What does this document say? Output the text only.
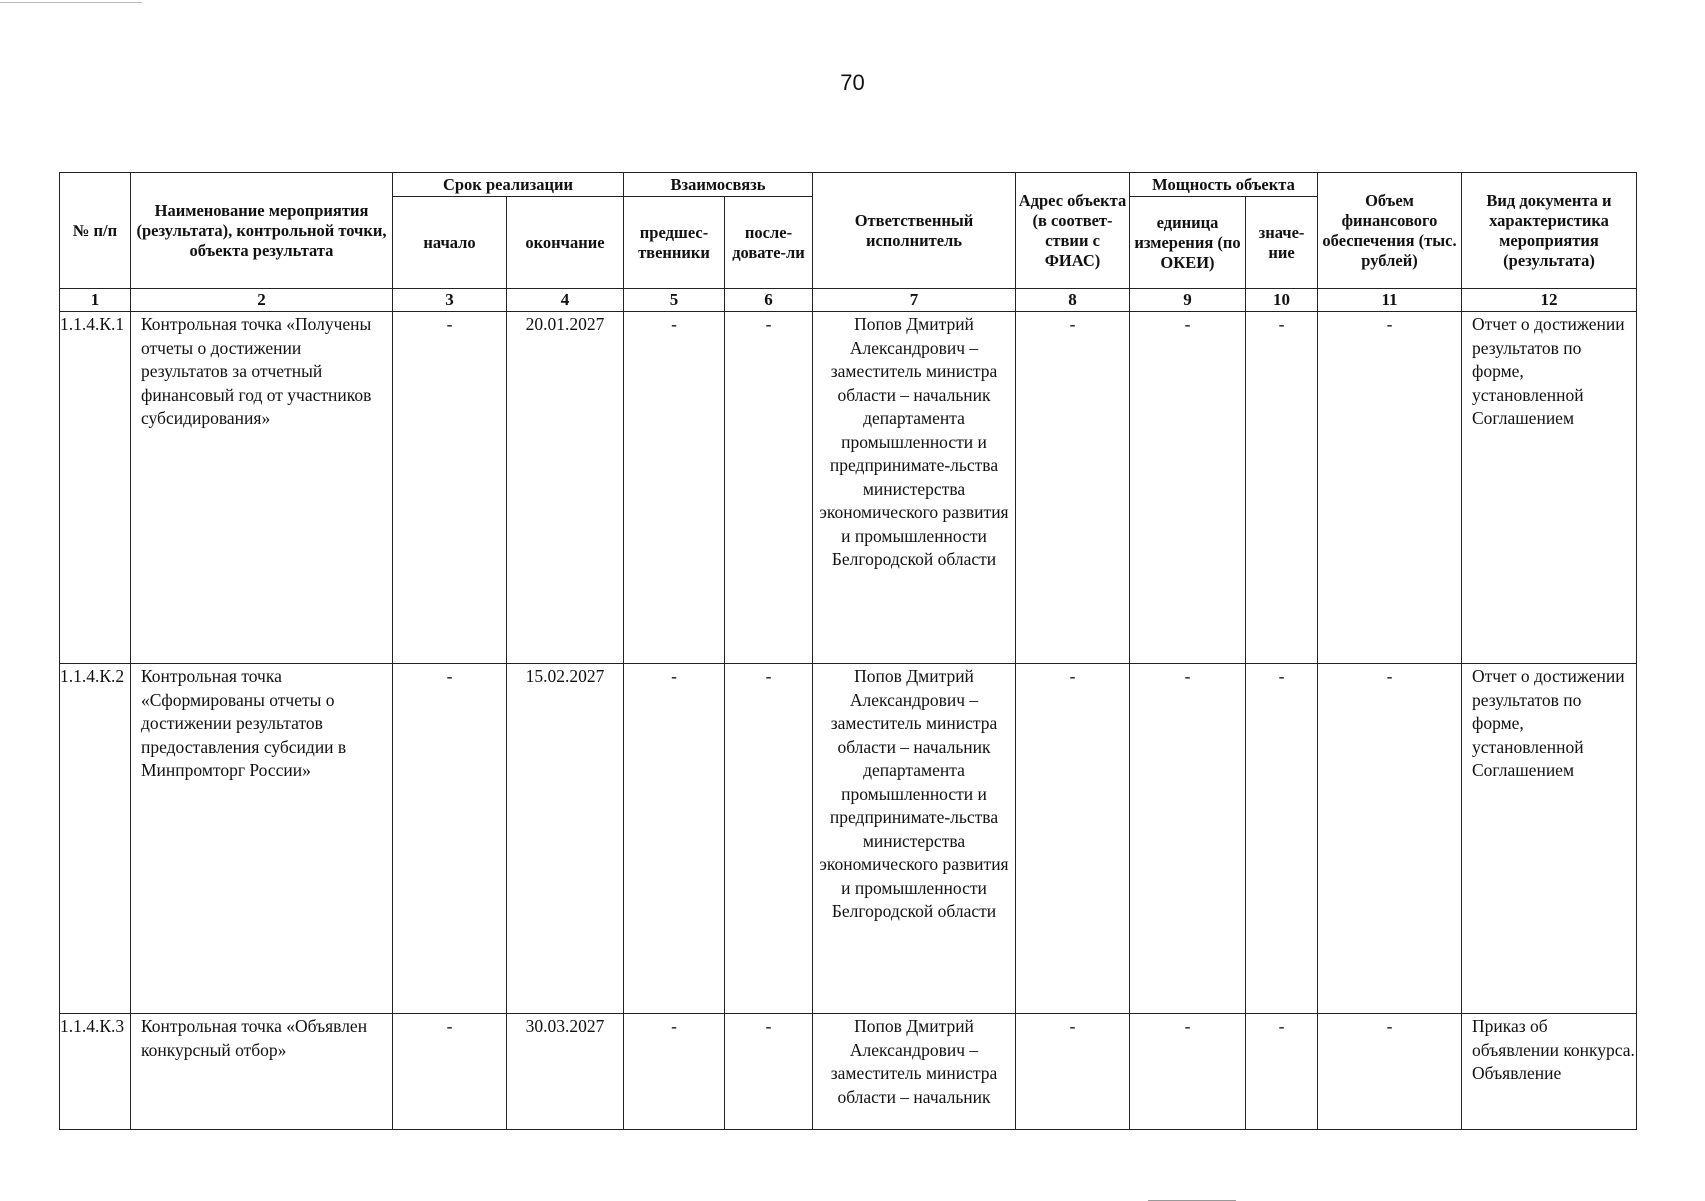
70
№ п/п	Наименование мероприятия (результата), контрольной точки, объекта результата	Срок реализации		Взаимосвязь		Ответственный исполнитель	Адрес объекта (в соответ-ствии с ФИАС)	Мощность объекта		Объем финансового обеспечения (тыс. рублей)	Вид документа и характеристика мероприятия (результата)
		начало	окончание	предшес-твенники	после-довате-ли			единица измерения (по ОКЕИ)	значе-ние		
1	2	3	4	5	6	7	8	9	10	11	12
1.1.4.К.1	Контрольная точка «Получены отчеты о достижении результатов за отчетный финансовый год от участников субсидирования»	-	20.01.2027	-	-	Попов Дмитрий Александрович – заместитель министра области – начальник департамента промышленности и предпринимате-льства министерства экономического развития и промышленности Белгородской области	-	-	-	-	Отчет о достижении результатов по форме, установленной Соглашением
1.1.4.К.2	Контрольная точка «Сформированы отчеты о достижении результатов предоставления субсидии в Минпромторг России»	-	15.02.2027	-	-	Попов Дмитрий Александрович – заместитель министра области – начальник департамента промышленности и предпринимате-льства министерства экономического развития и промышленности Белгородской области	-	-	-	-	Отчет о достижении результатов по форме, установленной Соглашением
1.1.4.К.3	Контрольная точка «Объявлен конкурсный отбор»	-	30.03.2027	-	-	Попов Дмитрий Александрович – заместитель министра области – начальник	-	-	-	-	Приказ об объявлении конкурса. Объявление
